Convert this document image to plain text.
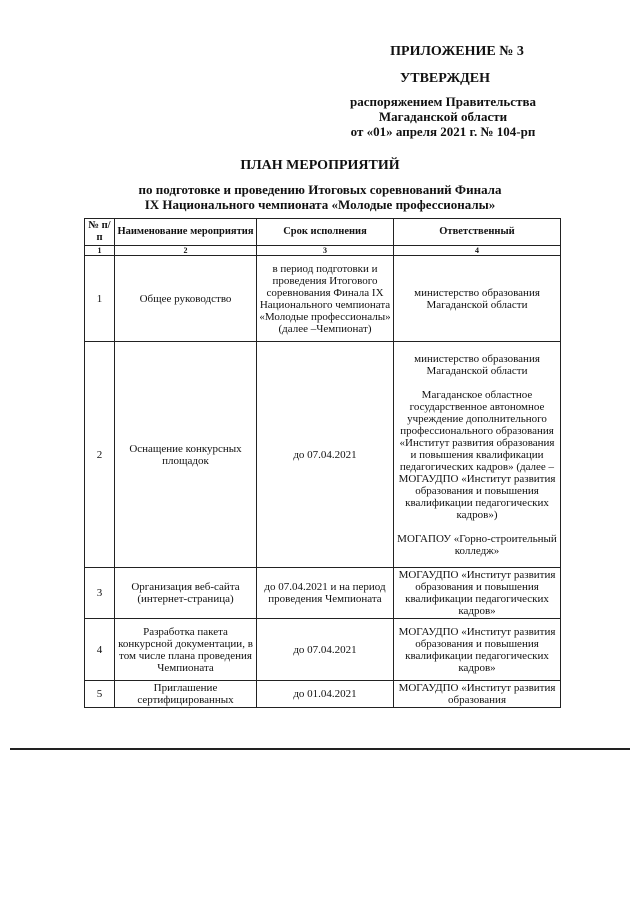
ПРИЛОЖЕНИЕ № 3
УТВЕРЖДЕН
распоряжением Правительства
Магаданской области
от «01» апреля 2021 г. № 104-рп
ПЛАН МЕРОПРИЯТИЙ
по подготовке и проведению Итоговых соревнований Финала
IX Национального чемпионата «Молодые профессионалы»
№ п/п	Наименование мероприятия	Срок исполнения	Ответственный
1	2	3	4
1	Общее руководство	в период подготовки и проведения Итогового соревнования Финала IX Национального чемпионата «Молодые профессионалы» (далее –Чемпионат)	министерство образования Магаданской области
2	Оснащение конкурсных площадок	до 07.04.2021	министерство образования Магаданской области
Магаданское областное государственное автономное учреждение дополнительного профессионального образования «Институт развития образования и повышения квалификации педагогических кадров» (далее – МОГАУДПО «Институт развития образования и повышения квалификации педагогических кадров»)
МОГАПОУ «Горно-строительный колледж»

3	Организация веб-сайта (интернет-страница)	до 07.04.2021 и на период проведения Чемпионата	МОГАУДПО «Институт развития образования и повышения квалификации педагогических кадров»
4	Разработка пакета конкурсной документации, в том числе плана проведения Чемпионата	до 07.04.2021	МОГАУДПО «Институт развития образования и повышения квалификации педагогических кадров»
5	Приглашение сертифицированных	до 01.04.2021	МОГАУДПО «Институт развития образования
